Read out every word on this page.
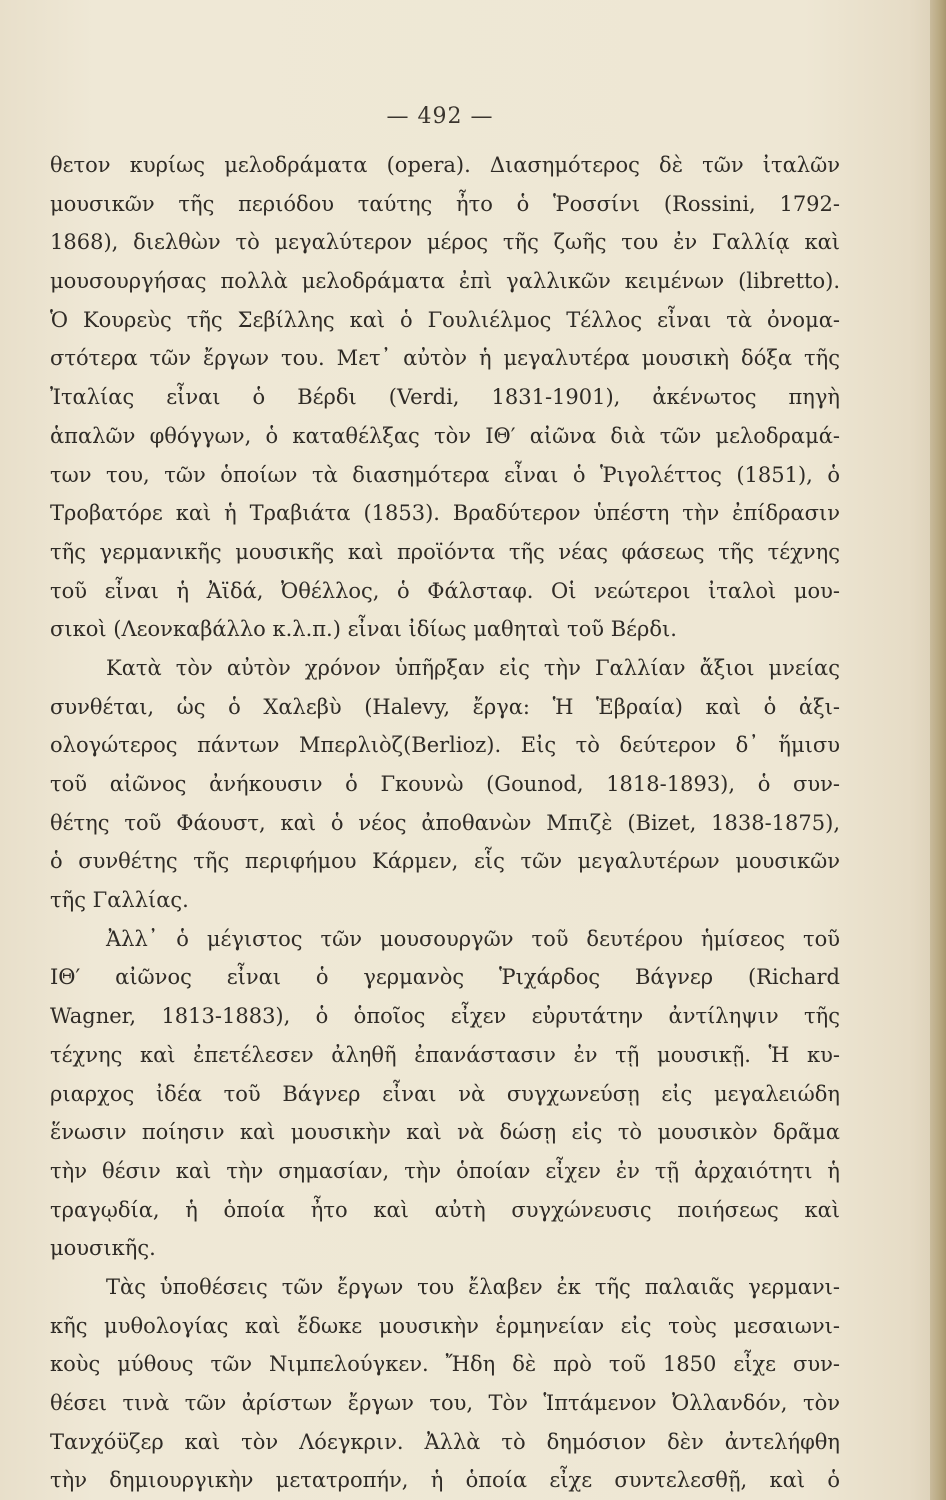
— 492 —
θετον κυρίως μελοδράματα (opera). Διασημότερος δὲ τῶν ἰταλῶν
μουσικῶν τῆς περιόδου ταύτης ἦτο ὁ Ῥοσσίνι (Rossini, 1792-
1868), διελθὼν τὸ μεγαλύτερον μέρος τῆς ζωῆς του ἐν Γαλλίᾳ καὶ
μουσουργήσας πολλὰ μελοδράματα ἐπὶ γαλλικῶν κειμένων (libretto).
Ὁ Κουρεὺς τῆς Σεβίλλης καὶ ὁ Γουλιέλμος Τέλλος εἶναι τὰ ὀνομα-
στότερα τῶν ἔργων του. Μετ᾽ αὐτὸν ἡ μεγαλυτέρα μουσικὴ δόξα τῆς
Ἰταλίας εἶναι ὁ Βέρδι (Verdi, 1831-1901), ἀκένωτος πηγὴ
ἁπαλῶν φθόγγων, ὁ καταθέλξας τὸν ΙΘ′ αἰῶνα διὰ τῶν μελοδραμά-
των του, τῶν ὁποίων τὰ διασημότερα εἶναι ὁ Ῥιγολέττος (1851), ὁ
Τροβατόρε καὶ ἡ Τραβιάτα (1853). Βραδύτερον ὑπέστη τὴν ἐπίδρασιν
τῆς γερμανικῆς μουσικῆς καὶ προϊόντα τῆς νέας φάσεως τῆς τέχνης
τοῦ εἶναι ἡ Ἀϊδά, Ὀθέλλος, ὁ Φάλσταφ. Οἱ νεώτεροι ἰταλοὶ μου-
σικοὶ (Λεονκαβάλλο κ.λ.π.) εἶναι ἰδίως μαθηταὶ τοῦ Βέρδι.
Κατὰ τὸν αὐτὸν χρόνον ὑπῆρξαν εἰς τὴν Γαλλίαν ἄξιοι μνείας
συνθέται, ὡς ὁ Χαλεβὺ (Halevy, ἔργα: Ἡ Ἑβραία) καὶ ὁ ἀξι-
ολογώτερος πάντων Μπερλιὸζ(Berlioz). Εἰς τὸ δεύτερον δ᾽ ἥμισυ
τοῦ αἰῶνος ἀνήκουσιν ὁ Γκουνὼ (Gounod, 1818-1893), ὁ συν-
θέτης τοῦ Φάουστ, καὶ ὁ νέος ἀποθανὼν Μπιζὲ (Bizet, 1838-1875),
ὁ συνθέτης τῆς περιφήμου Κάρμεν, εἷς τῶν μεγαλυτέρων μουσικῶν
τῆς Γαλλίας.
Ἀλλ᾽ ὁ μέγιστος τῶν μουσουργῶν τοῦ δευτέρου ἡμίσεος τοῦ
ΙΘ′ αἰῶνος εἶναι ὁ γερμανὸς Ῥιχάρδος Βάγνερ (Richard
Wagner, 1813-1883), ὁ ὁποῖος εἶχεν εὐρυτάτην ἀντίληψιν τῆς
τέχνης καὶ ἐπετέλεσεν ἀληθῆ ἐπανάστασιν ἐν τῇ μουσικῇ. Ἡ κυ-
ριαρχος ἰδέα τοῦ Βάγνερ εἶναι νὰ συγχωνεύσῃ εἰς μεγαλειώδη
ἕνωσιν ποίησιν καὶ μουσικὴν καὶ νὰ δώσῃ εἰς τὸ μουσικὸν δρᾶμα
τὴν θέσιν καὶ τὴν σημασίαν, τὴν ὁποίαν εἶχεν ἐν τῇ ἀρχαιότητι ἡ
τραγῳδία, ἡ ὁποία ἦτο καὶ αὐτὴ συγχώνευσις ποιήσεως καὶ
μουσικῆς.
Τὰς ὑποθέσεις τῶν ἔργων του ἔλαβεν ἐκ τῆς παλαιᾶς γερμανι-
κῆς μυθολογίας καὶ ἔδωκε μουσικὴν ἑρμηνείαν εἰς τοὺς μεσαιωνι-
κοὺς μύθους τῶν Νιμπελούγκεν. Ἤδη δὲ πρὸ τοῦ 1850 εἶχε συν-
θέσει τινὰ τῶν ἀρίστων ἔργων του, Τὸν Ἱπτάμενον Ὀλλανδόν, τὸν
Τανχόϋζερ καὶ τὸν Λόεγκριν. Ἀλλὰ τὸ δημόσιον δὲν ἀντελήφθη
τὴν δημιουργικὴν μετατροπήν, ἡ ὁποία εἶχε συντελεσθῇ, καὶ ὁ
